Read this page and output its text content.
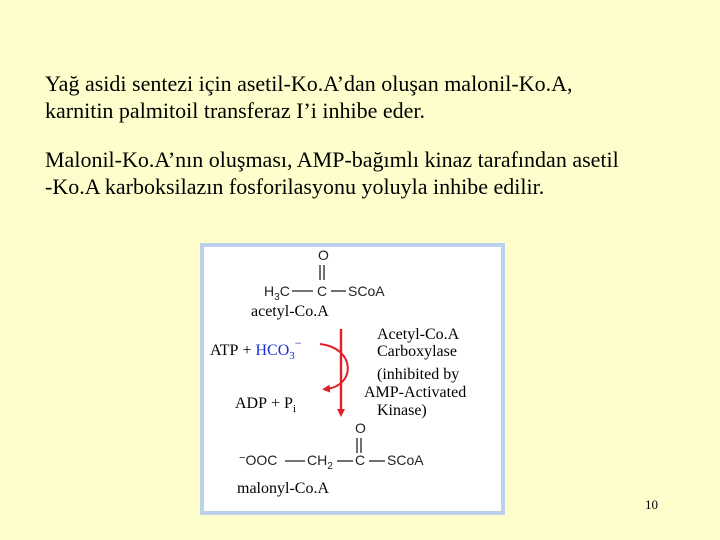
Yağ asidi sentezi için asetil-Ko.A’dan oluşan malonil-Ko.A,
karnitin palmitoil transferaz I’i inhibe eder.

Malonil-Ko.A’nın oluşması, AMP-bağımlı kinaz tarafından asetil
-Ko.A karboksilazın fosforilasyonu yoluyla inhibe edilir.

O
$H_3C$ C SCoA
acetyl-Co.A
ATP + $HCO_3^-$
ADP + $P_i$
Acetyl-Co.A
Carboxylase
(inhibited by
AMP-Activated
Kinase)
O
−OOC $CH_2$ C SCoA
malonyl-Co.A
10
